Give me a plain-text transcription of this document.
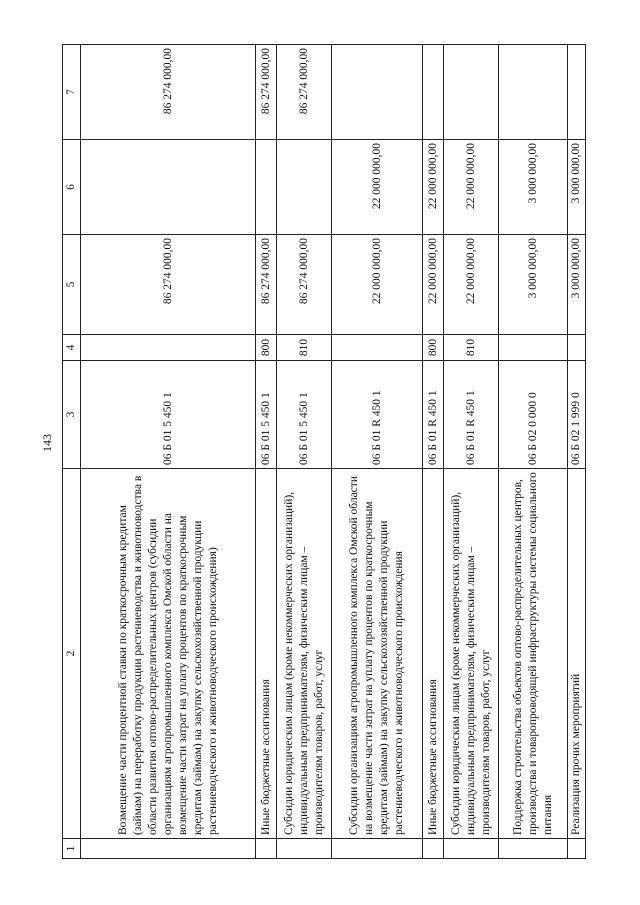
143
1	2	3	4	5	6	7
	Возмещение части процентной ставки по краткосрочным кредитам (займам) на переработку продукции растениеводства и животноводства в области развития оптово-распределительных центров (субсидии организациям агропромышленного комплекса Омской области на возмещение части затрат на уплату процентов по краткосрочным кредитам (займам) на закупку сельскохозяйственной продукции растениеводческого и животноводческого происхождения)	06 Б 01 5 450 1		86 274 000,00		86 274 000,00
	Иные бюджетные ассигнования	06 Б 01 5 450 1	800	86 274 000,00		86 274 000,00
	Субсидии юридическим лицам (кроме некоммерческих организаций), индивидуальным предпринимателям, физическим лицам – производителям товаров, работ, услуг	06 Б 01 5 450 1	810	86 274 000,00		86 274 000,00
	Субсидии организациям агропромышленного комплекса Омской области на возмещение части затрат на уплату процентов по краткосрочным кредитам (займам) на закупку сельскохозяйственной продукции растениеводческого и животноводческого происхождения	06 Б 01 R 450 1		22 000 000,00	22 000 000,00	
	Иные бюджетные ассигнования	06 Б 01 R 450 1	800	22 000 000,00	22 000 000,00	
	Субсидии юридическим лицам (кроме некоммерческих организаций), индивидуальным предпринимателям, физическим лицам – производителям товаров, работ, услуг	06 Б 01 R 450 1	810	22 000 000,00	22 000 000,00	
	Поддержка строительства объектов оптово-распределительных центров, производства и товаропроводящей инфраструктуры системы социального питания	06 Б 02 0 000 0		3 000 000,00	3 000 000,00	
	Реализация прочих мероприятий	06 Б 02 1 999 0		3 000 000,00	3 000 000,00	
